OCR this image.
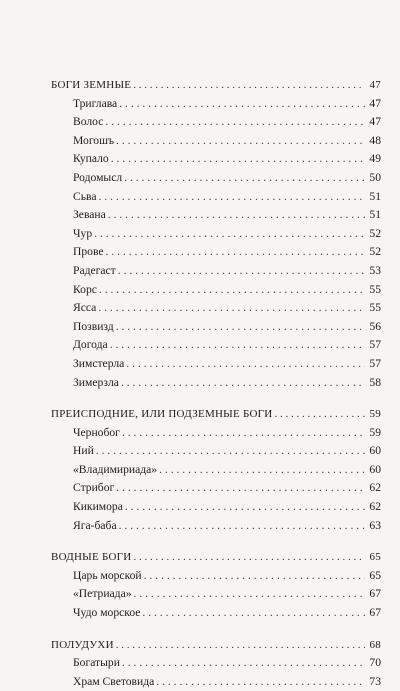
БОГИ ЗЕМНЫЕ . . .	47
Триглава . . .	47
Волос . . .	47
Могошъ . . .	48
Купало . . .	49
Родомысл . . .	50
Сьва . . .	51
Зевана . . .	51
Чур . . .	52
Прове . . .	52
Радегаст . . .	53
Корс . . .	55
Ясса . . .	55
Позвизд . . .	56
Догода . . .	57
Зимстерла . . .	57
Зимерзла . . .	58
ПРЕИСПОДНИЕ, ИЛИ ПОДЗЕМНЫЕ БОГИ . . .	59
Чернобог . . .	59
Ний . . .	60
«Владимириада» . . .	60
Стрибог . . .	62
Кикимора . . .	62
Яга-баба . . .	63
ВОДНЫЕ БОГИ . . .	65
Царь морской . . .	65
«Петриада» . . .	67
Чудо морское . . .	67
ПОЛУДУХИ . . .	68
Богатыри . . .	70
Храм Световида . . .	73
